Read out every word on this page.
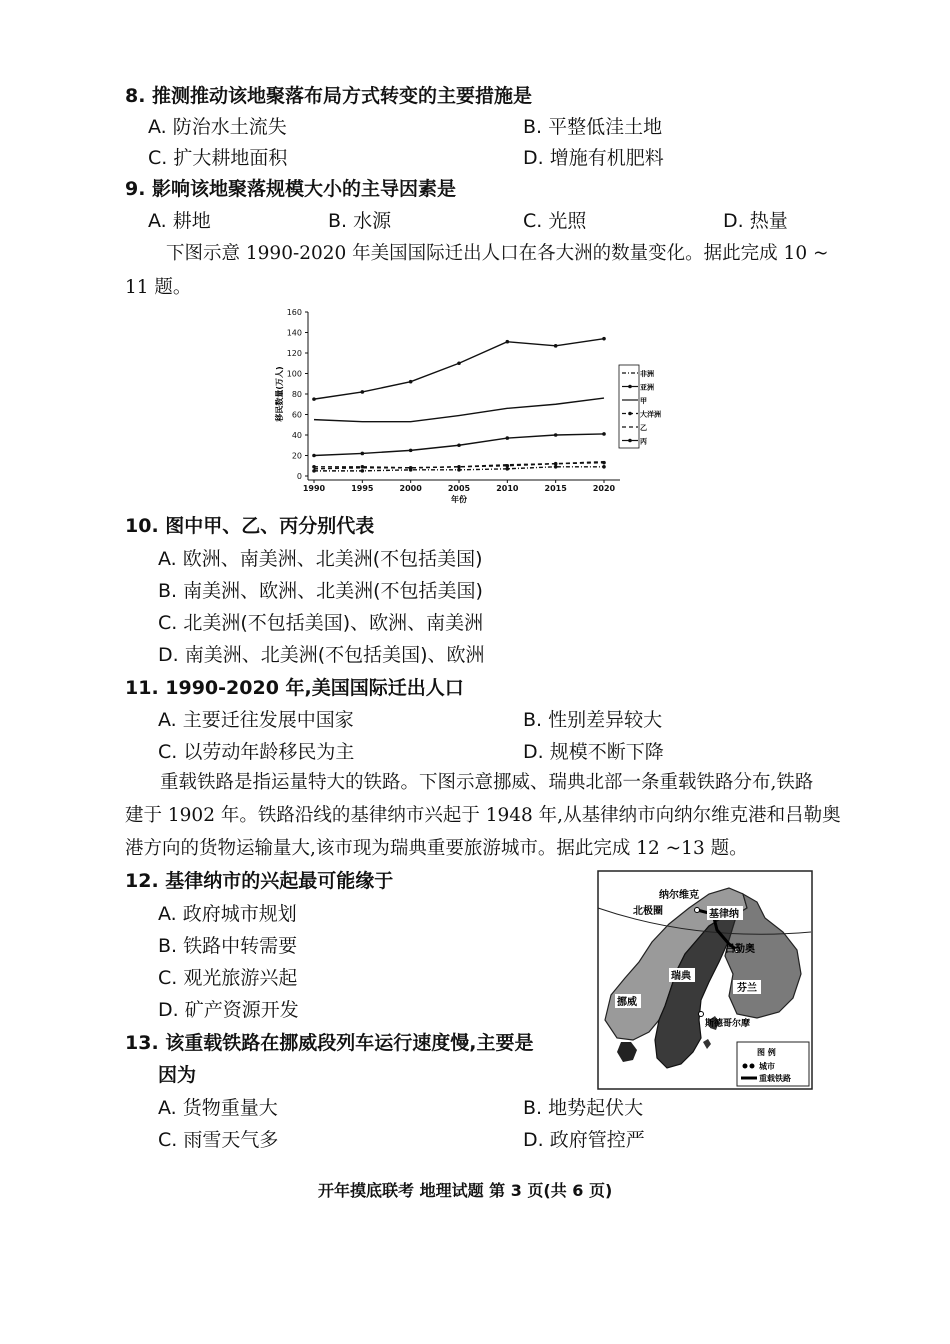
8. 推测推动该地聚落布局方式转变的主要措施是
A. 防治水土流失	B. 平整低洼土地
C. 扩大耕地面积	D. 增施有机肥料
9. 影响该地聚落规模大小的主导因素是
A. 耕地	B. 水源	C. 光照	D. 热量
下图示意 1990-2020 年美国国际迁出人口在各大洲的数量变化。据此完成 10 ~
11 题。
0
20
40
60
80
100
120
140
160
1990	1995	2000	2005	2010	2015	2020
年份
移民数量(万人)	非洲
亚洲
甲
大洋洲
乙
丙
10. 图中甲、乙、丙分别代表
A. 欧洲、南美洲、北美洲(不包括美国)
B. 南美洲、欧洲、北美洲(不包括美国)
C. 北美洲(不包括美国)、欧洲、南美洲
D. 南美洲、北美洲(不包括美国)、欧洲
11. 1990-2020 年,美国国际迁出人口
A. 主要迁往发展中国家	B. 性别差异较大
C. 以劳动年龄移民为主	D. 规模不断下降
重载铁路是指运量特大的铁路。下图示意挪威、瑞典北部一条重载铁路分布,铁路
建于 1902 年。铁路沿线的基律纳市兴起于 1948 年,从基律纳市向纳尔维克港和吕勒奥
港方向的货物运输量大,该市现为瑞典重要旅游城市。据此完成 12 ~13 题。
12. 基律纳市的兴起最可能缘于
A. 政府城市规划
B. 铁路中转需要
C. 观光旅游兴起
D. 矿产资源开发
13. 该重载铁路在挪威段列车运行速度慢,主要是
因为
A. 货物重量大	B. 地势起伏大
C. 雨雪天气多	D. 政府管控严
纳尔维克
北极圈	基律纳
吕勒奥
瑞典
芬兰
挪威
斯德哥尔摩
图 例
城市
重载铁路
开年摸底联考 地理试题 第 3 页(共 6 页)
